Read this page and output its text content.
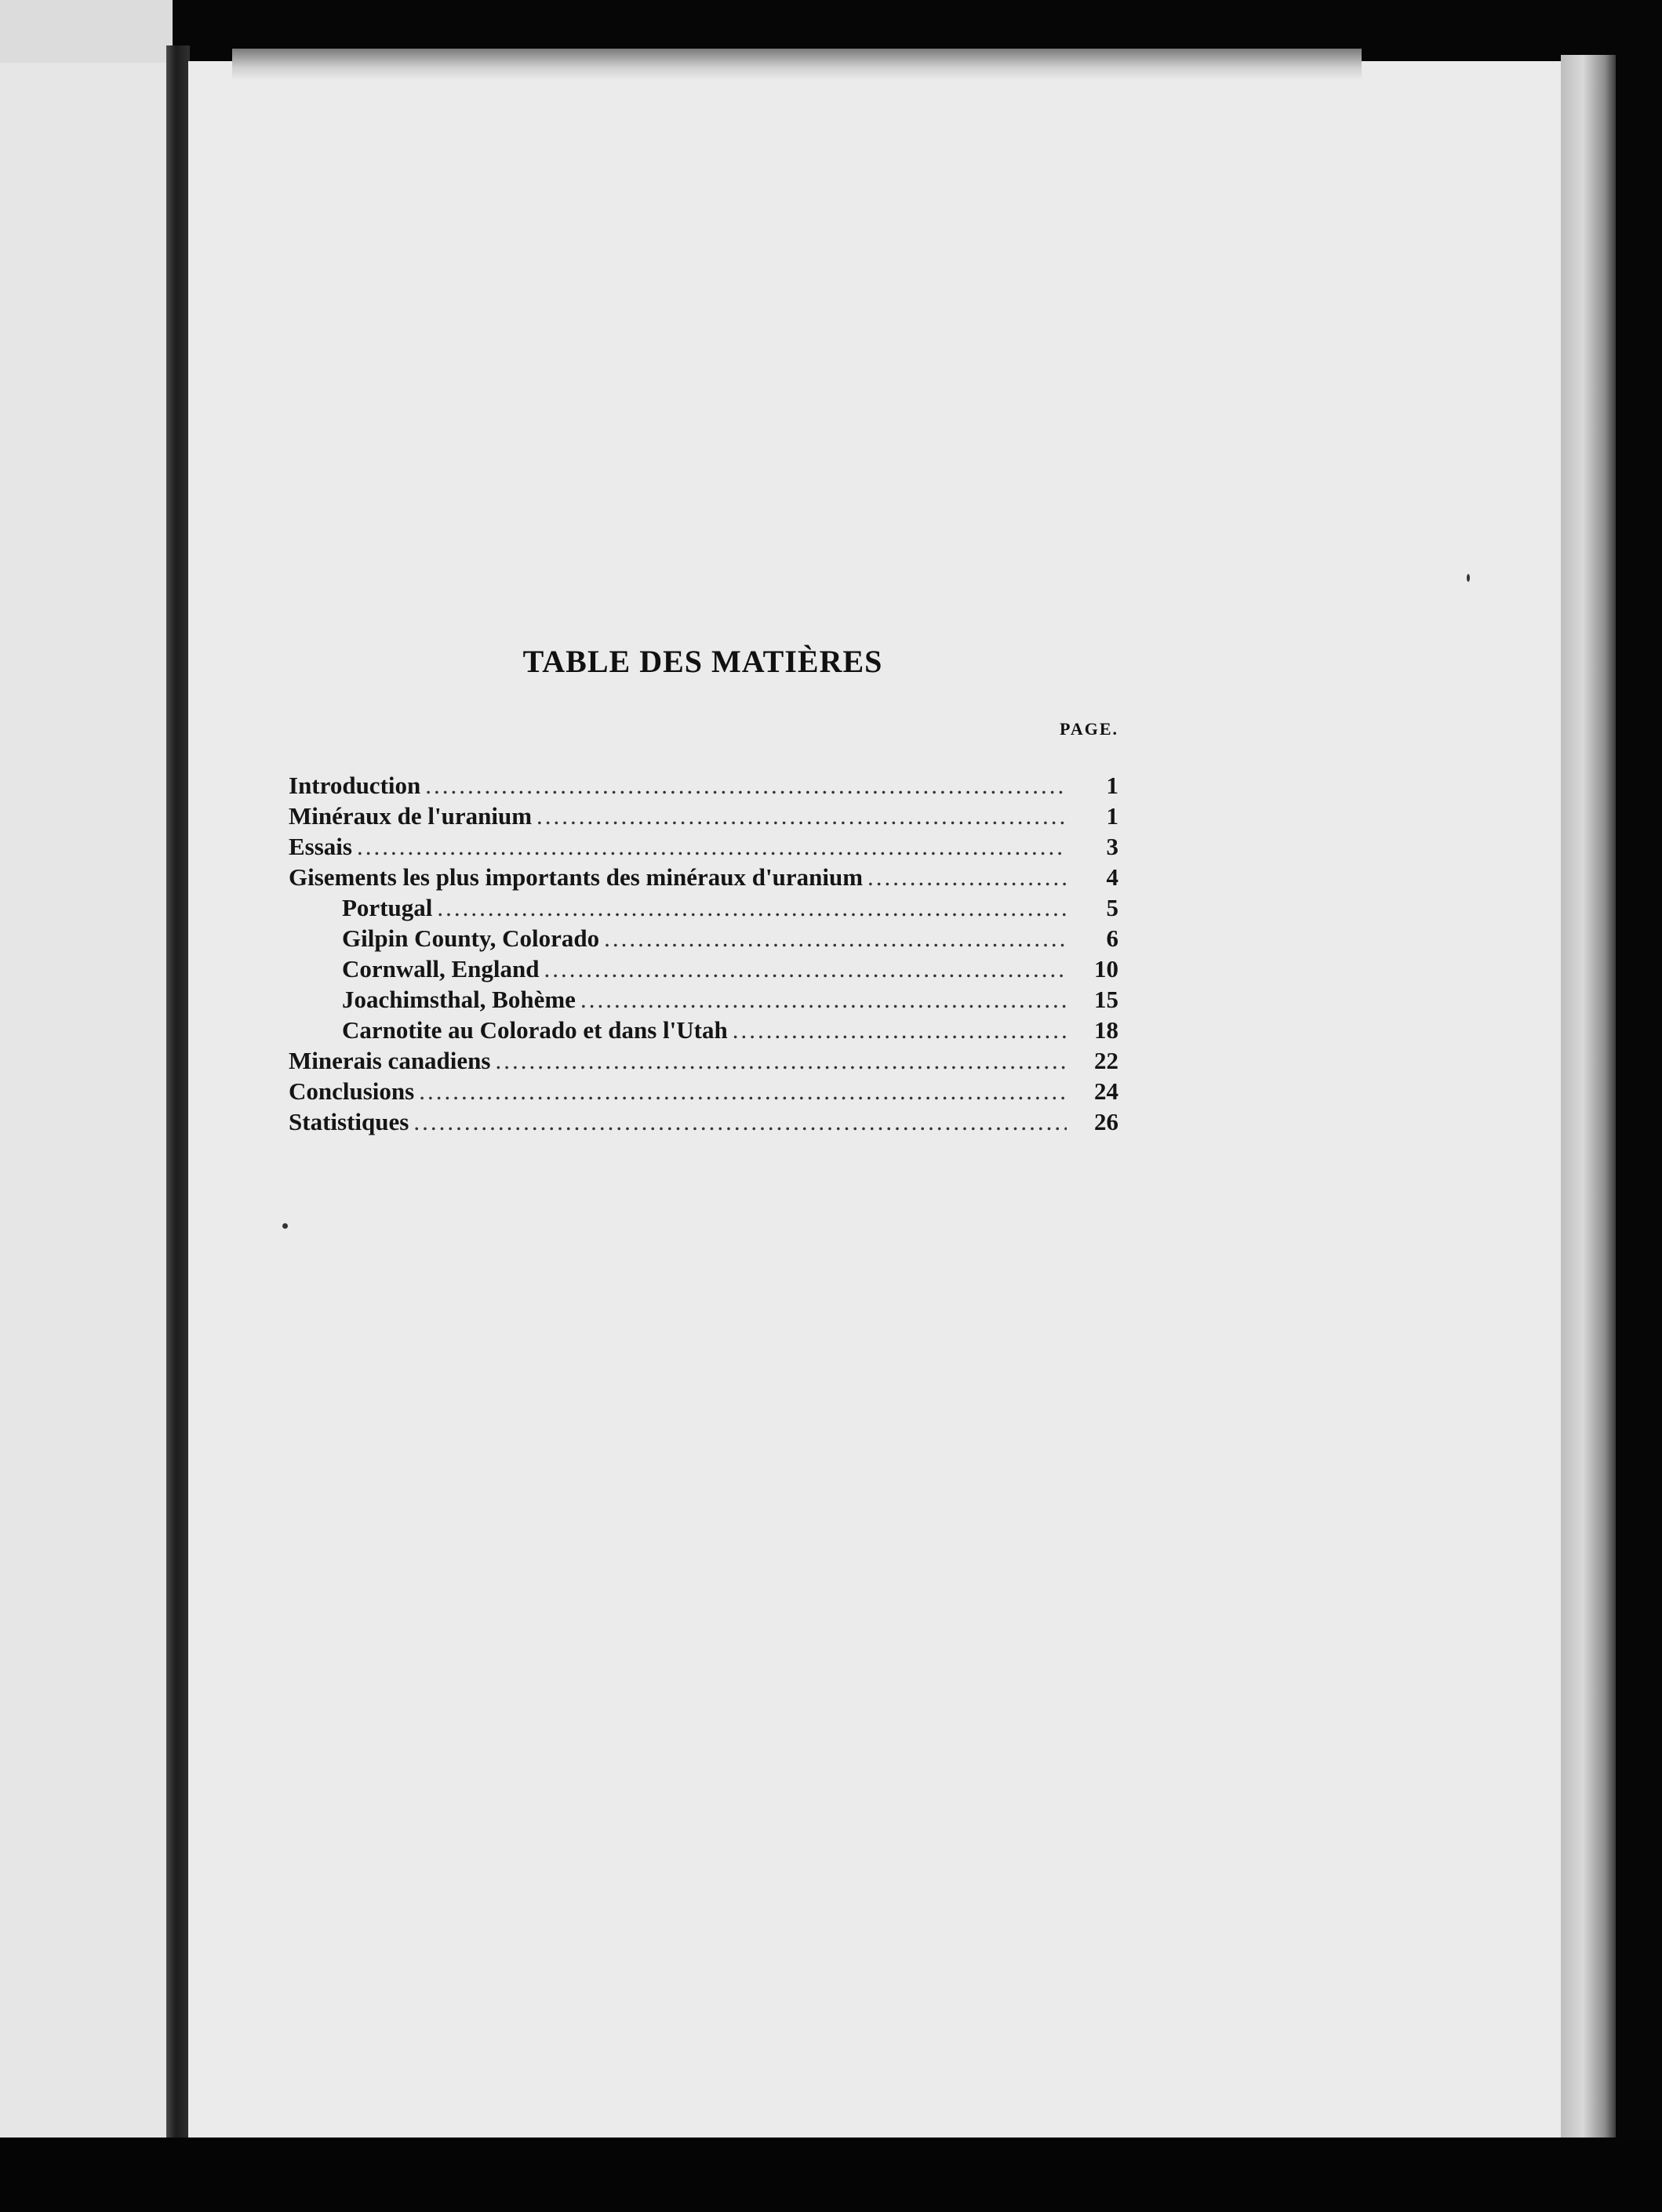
TABLE DES MATIÈRES
PAGE.
Introduction .....	1
Minéraux de l'uranium .....	1
Essais .....	3
Gisements les plus importants des minéraux d'uranium .....	4
Portugal .....	5
Gilpin County, Colorado .....	6
Cornwall, England .....	10
Joachimsthal, Bohème .....	15
Carnotite au Colorado et dans l'Utah .....	18
Minerais canadiens .....	22
Conclusions .....	24
Statistiques .....	26
